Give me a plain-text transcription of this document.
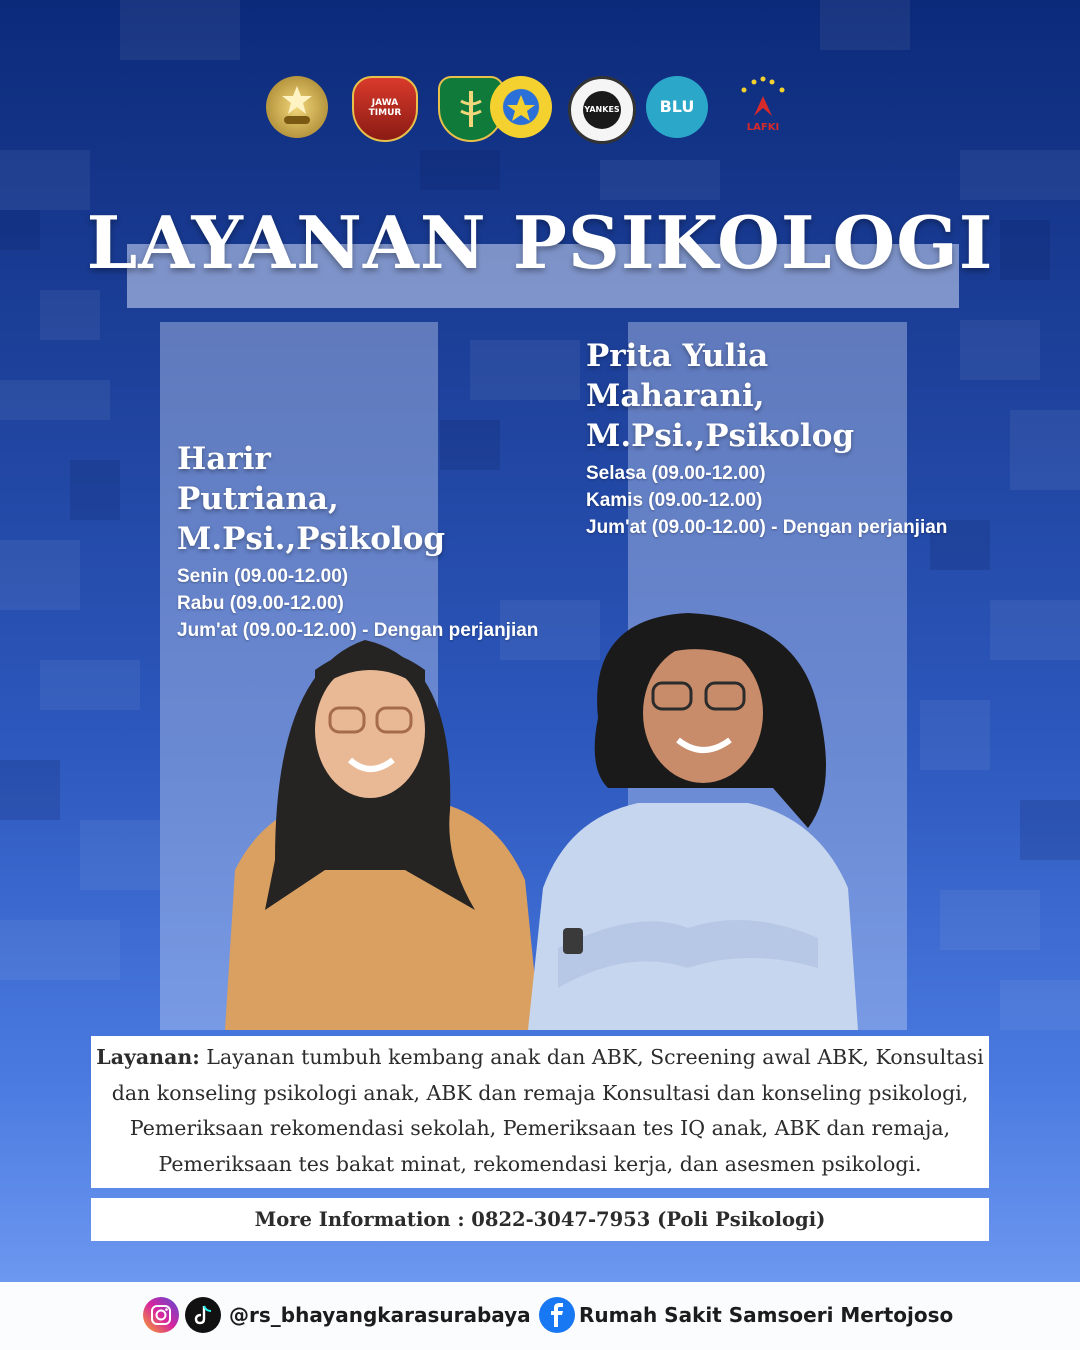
JAWA TIMUR	YANKES BLU
LAFKI
LAYANAN PSIKOLOGI

Prita Yulia

Maharani, M.Psi.,Psikolog

Selasa (09.00-12.00)

Kamis (09.00-12.00)

Jum'at (09.00-12.00) - Dengan perjanjian

Harir

Putriana, M.Psi.,Psikolog

Senin (09.00-12.00)

Rabu (09.00-12.00)

Jum'at (09.00-12.00) - Dengan perjanjian

Layanan: Layanan tumbuh kembang anak dan ABK, Screening awal ABK, Konsultasi dan konseling psikologi anak, ABK dan remaja Konsultasi dan konseling psikologi, Pemeriksaan rekomendasi sekolah, Pemeriksaan tes IQ anak, ABK dan remaja, Pemeriksaan tes bakat minat, rekomendasi kerja, dan asesmen psikologi.
More Information : 0822-3047-7953 (Poli Psikologi)
@rs_bhayangkarasurabaya Rumah Sakit Samsoeri Mertojoso
